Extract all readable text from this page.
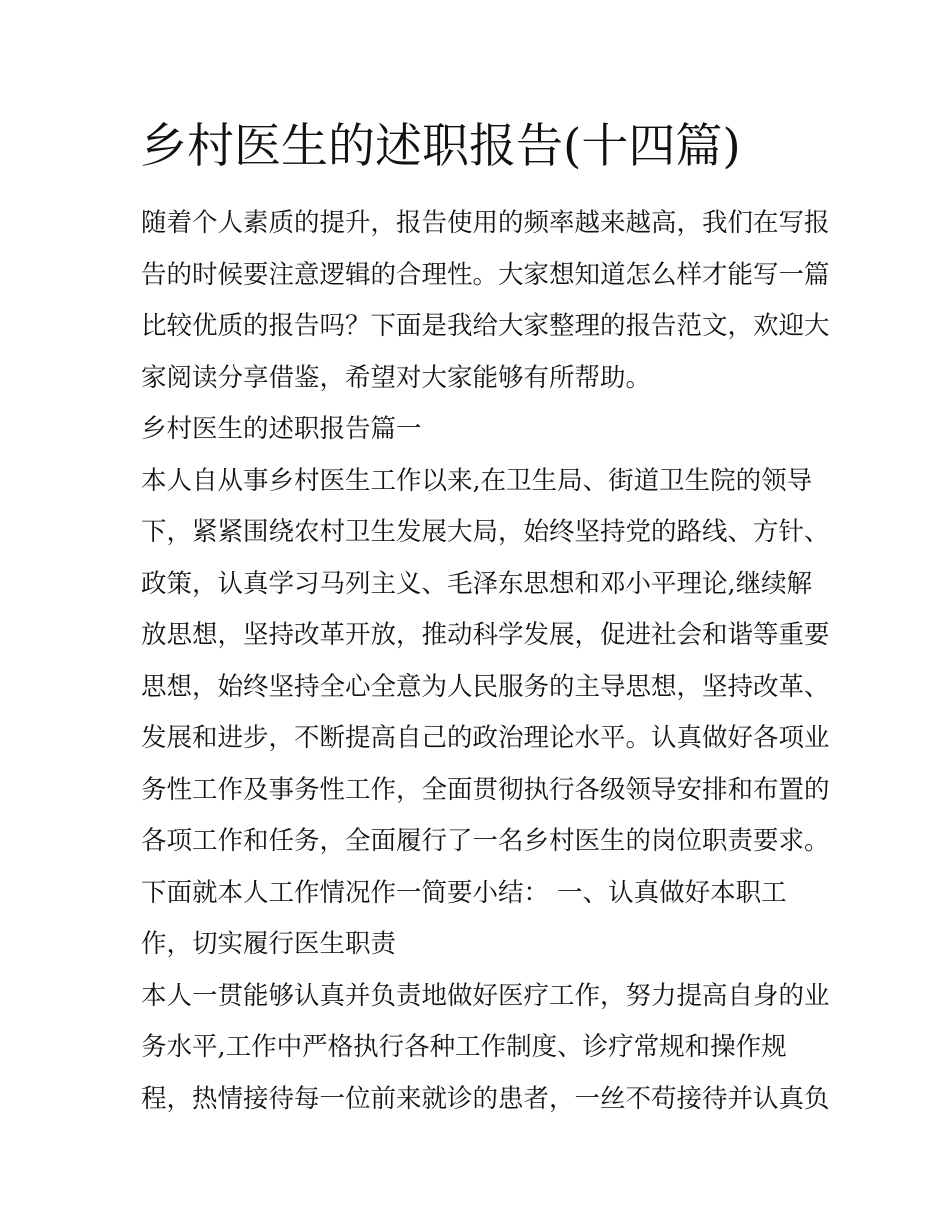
乡村医生的述职报告(十四篇)
随着个人素质的提升，报告使用的频率越来越高，我们在写报
告的时候要注意逻辑的合理性。大家想知道怎么样才能写一篇
比较优质的报告吗？下面是我给大家整理的报告范文，欢迎大
家阅读分享借鉴，希望对大家能够有所帮助。
乡村医生的述职报告篇一
本人自从事乡村医生工作以来,在卫生局、街道卫生院的领导
下，紧紧围绕农村卫生发展大局，始终坚持党的路线、方针、
政策，认真学习马列主义、毛泽东思想和邓小平理论,继续解
放思想，坚持改革开放，推动科学发展，促进社会和谐等重要
思想，始终坚持全心全意为人民服务的主导思想，坚持改革、
发展和进步，不断提高自己的政治理论水平。认真做好各项业
务性工作及事务性工作，全面贯彻执行各级领导安排和布置的
各项工作和任务，全面履行了一名乡村医生的岗位职责要求。
下面就本人工作情况作一简要小结： 一、认真做好本职工
作，切实履行医生职责
本人一贯能够认真并负责地做好医疗工作，努力提高自身的业
务水平,工作中严格执行各种工作制度、诊疗常规和操作规
程，热情接待每一位前来就诊的患者，一丝不苟接待并认真负
